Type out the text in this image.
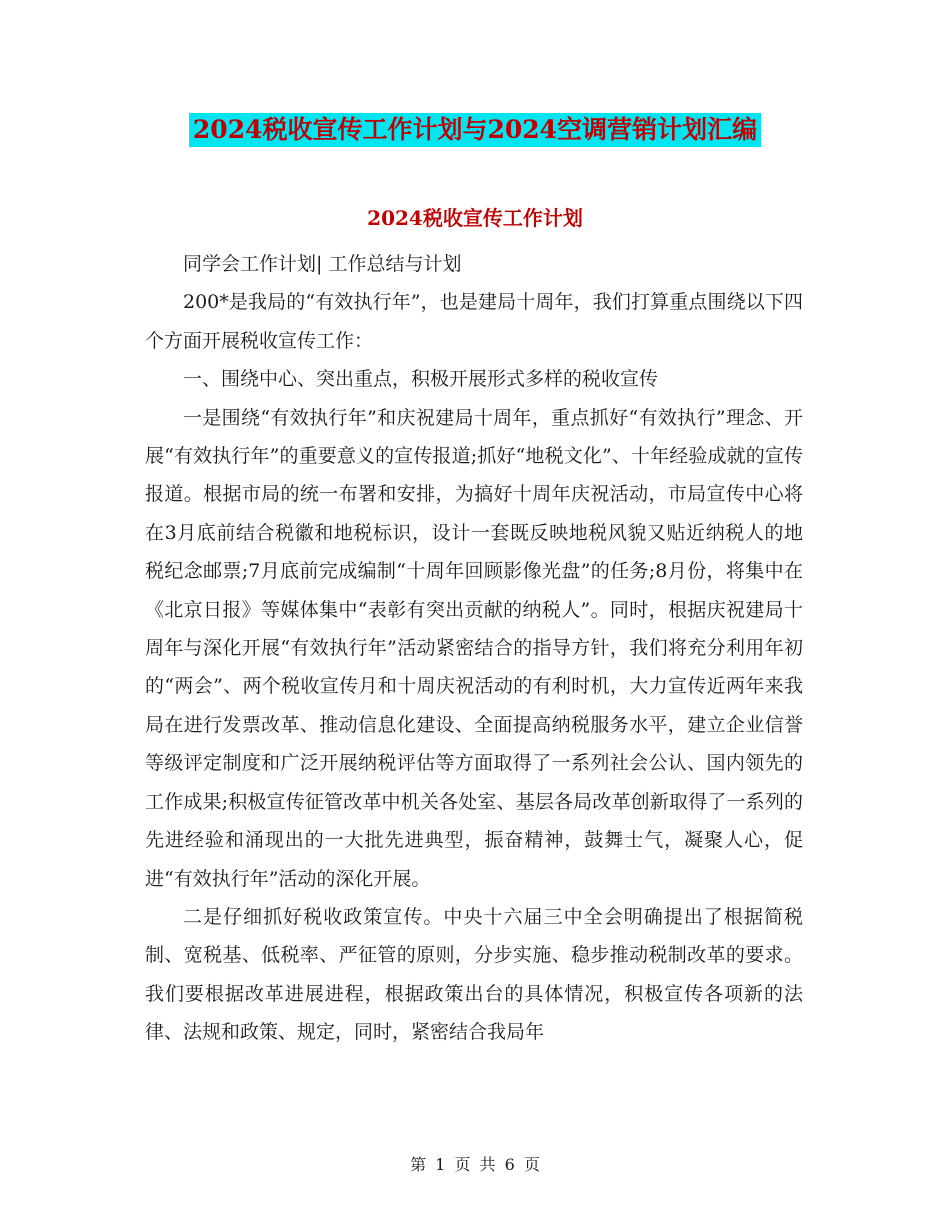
2024税收宣传工作计划与2024空调营销计划汇编
2024税收宣传工作计划

同学会工作计划| 工作总结与计划

200*是我局的“有效执行年”，也是建局十周年，我们打算重点围绕以下四个方面开展税收宣传工作：

一、围绕中心、突出重点，积极开展形式多样的税收宣传

一是围绕“有效执行年”和庆祝建局十周年，重点抓好“有效执行”理念、开展“有效执行年”的重要意义的宣传报道;抓好“地税文化”、十年经验成就的宣传报道。根据市局的统一布署和安排，为搞好十周年庆祝活动，市局宣传中心将在3月底前结合税徽和地税标识，设计一套既反映地税风貌又贴近纳税人的地税纪念邮票;7月底前完成编制“十周年回顾影像光盘”的任务;8月份，将集中在《北京日报》等媒体集中“表彰有突出贡献的纳税人”。同时，根据庆祝建局十周年与深化开展“有效执行年”活动紧密结合的指导方针，我们将充分利用年初的“两会”、两个税收宣传月和十周庆祝活动的有利时机，大力宣传近两年来我局在进行发票改革、推动信息化建设、全面提高纳税服务水平，建立企业信誉等级评定制度和广泛开展纳税评估等方面取得了一系列社会公认、国内领先的工作成果;积极宣传征管改革中机关各处室、基层各局改革创新取得了一系列的先进经验和涌现出的一大批先进典型，振奋精神，鼓舞士气，凝聚人心，促进“有效执行年”活动的深化开展。

二是仔细抓好税收政策宣传。中央十六届三中全会明确提出了根据简税制、宽税基、低税率、严征管的原则，分步实施、稳步推动税制改革的要求。我们要根据改革进展进程，根据政策出台的具体情况，积极宣传各项新的法律、法规和政策、规定，同时，紧密结合我局年

第 1 页 共 6 页
